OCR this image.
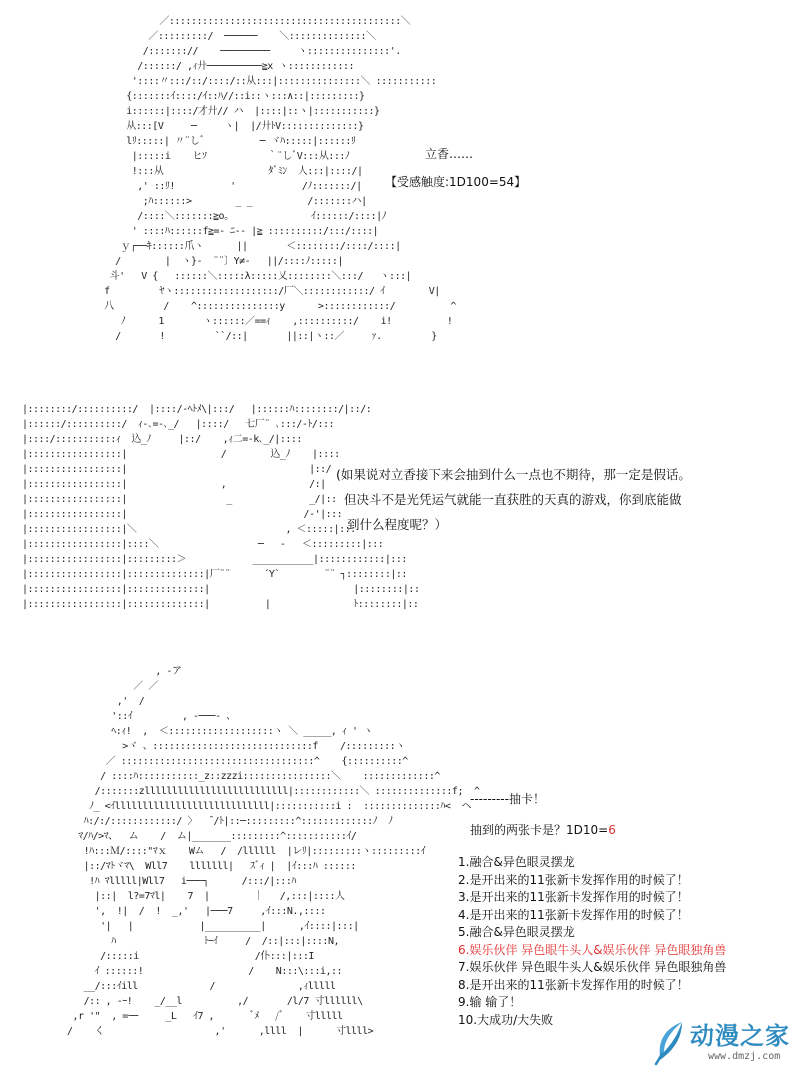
／::::::::::::::::::::::::::::::::::::::::::＼
／:::::::::/  ──────    ＼::::::::::::::＼
/::::::://    ─────────     ヽ:::::::::::::::'.
/::::::/ ,ｨ廾──────────≧x ヽ::::::::::::
'::::〃:::/::/::::/::从:::|:::::::::::::::＼ :::::::::::
{:::::::ｲ::::/ｲ::ﾊ//::i::ヽ:::∧::|:::::::::}
i::::::|::::/才廾// ハ  |::::|::ヽ|:::::::::::}
从:::[V     ─     ヽ|  |/廾ﾄV::::::::::::::}
lﾘ:::::| 〃¨しﾞ          ─ ヾﾊ:::::|::::::ﾘ
|:::::i    ヒｿ           ｀¨しﾞV:::从:::ﾉ
!:::从                   ﾀﾞﾐﾝ  人:::|::::/|
,' ::ﾘ!          '            /ﾉ:::::::/|
;ﾊ::::::>        _ _          /:::::::ハ|
/::::＼:::::::≧o。              ｲ::::::/::::|ﾉ
' ::::ﾊ::::::f≧=- ﾆ-- |≧ ::::::::::/:::/::::|
ｙ┌──ｷ::::::爪ヽ      ||       ＜::::::::/::::/::::|
/        |  ヽ}-  ¨¨〕Y≠-   ||/::::ﾉ:::::|
斗'   V {   ::::::＼:::::λ:::::乂::::::::＼:::/   ヽ:::|
f         ﾔヽ:::::::::::::::::::/厂＼::::::::::::/ ｲ        V|
八         /    ^:::::::::::::::y      >::::::::::::/          ^
ﾉ      1       ヽ::::::／==ｨ    ,::::::::::/    i!          !
/       !         ``/::|       ||::|ヽ::／     ｧ.         }
立香……
【受感触度:1D100=54】
|::::::::/::::::::::/  |::::/-ﾍﾄﾒ\|:::/   |::::::ﾊ::::::::/|::/:
|::::::/::::::::::/  ｨ-､=-､_/   |::::/   七厂¨ ､:::/-ﾄ/:::
|::::/:::::::::::ｨ  込_ﾉ     |::/    ,ｨ二=-k､_/|::::
|:::::::::::::::::|                 /        込_ﾉ    |::::
|:::::::::::::::::|                                 |::/
|:::::::::::::::::|                 ,               /:|
|:::::::::::::::::|                  _              _/|::
|:::::::::::::::::|                                /-'|:::
|:::::::::::::::::|＼                           , ＜:::::|:::
|:::::::::::::::::|::::＼                  ─   -   ＜:::::::::|:::
|:::::::::::::::::|:::::::::＞            ___________|::::::::::::|:::
|:::::::::::::::::|::::::::::::::|厂¨¨      ´Y`        ¨¨ ┐::::::::|::
|:::::::::::::::::|::::::::::::::|                          |::::::::|::
|:::::::::::::::::|::::::::::::::|          |               ﾄ::::::::|::
(如果说对立香接下来会抽到什么一点也不期待，那一定是假话。
但决斗不是光凭运气就能一直获胜的天真的游戏，你到底能做
到什么程度呢？）
, -ア
／ ／
,'  /
'::ｲ         , -───- 、
ﾍ:ｨ!  ,  ＜:::::::::::::::::::ヽ ＼ _____, ｨ ' ヽ
>ヾ 、:::::::::::::::::::::::::::::f    /:::::::::ヽ
／ :::::::::::::::::::::::::::::::::::^    {::::::::::^
/ ::::ﾊ:::::::::::_z::zzzi::::::::::::::::＼    :::::::::::::^
/:::::::zllllllllllllllllllllllllll|::::::::::::＼ ::::::::::::::f;  ^
ﾉ_ <ｲllllllllllllllllllllllllllll|:::::::::::i :  ::::::::::::::ﾊ<  ヘ
ﾊ:/:/::::::::::::/ 〉  ̄ /ﾄ|::─:::::::::^:::::::::::::ﾉ  ﾉ
ﾏ/ﾊ/>ﾏ、  ム    /  ム|_______:::::::::^:::::::::::ｲ/
!ﾊ:::Ｍ/::::"ﾏｘ    Wム   /  /llllll  |レﾘ|:::::::::ヽ:::::::::ｲ
|::/ﾏﾄヾﾏ\  Wll7    lllllll|   ｽﾞｨ |  |ｲ:::ﾊ ::::::
!ﾊ ﾏlllll|Wll7   i───┐      /:::/|:::ﾊ
|::|  l?=7ﾏl|    7  |        ｜   /,:::|::::人
',  !|  /  !  _,'   |───7     ,ｲ:::N.,::::
'|   |            |__________|      ,ｲ::::|:::|
ﾊ                ﾄｰｲ     /  /::|:::|::::N,
/:::::i                     /仆:::|:::I
ｲ ::::::!                   /    N:::\:::i,::
__/:::ｲill             /               ,ｨlllll
/:: , -ｰ!    _/__l          ,/       /l/7 寸llllll\
,r '"  , =ｰ─     _L   ｲ7 ,       ﾞﾒ   /ﾞ    寸lllll
/    く                    ,'      ,llll  |      寸llll>
---------抽卡！
抽到的两张卡是？1D10=6
1.融合&异色眼灵摆龙
2.是开出来的11张新卡发挥作用的时候了！
3.是开出来的11张新卡发挥作用的时候了！
4.是开出来的11张新卡发挥作用的时候了！
5.融合&异色眼灵摆龙
6.娱乐伙伴 异色眼牛头人&娱乐伙伴 异色眼独角兽
7.娱乐伙伴 异色眼牛头人&娱乐伙伴 异色眼独角兽
8.是开出来的11张新卡发挥作用的时候了！
9.输 输了！
10.大成功/大失败
动漫之家
www.dmzj.com
